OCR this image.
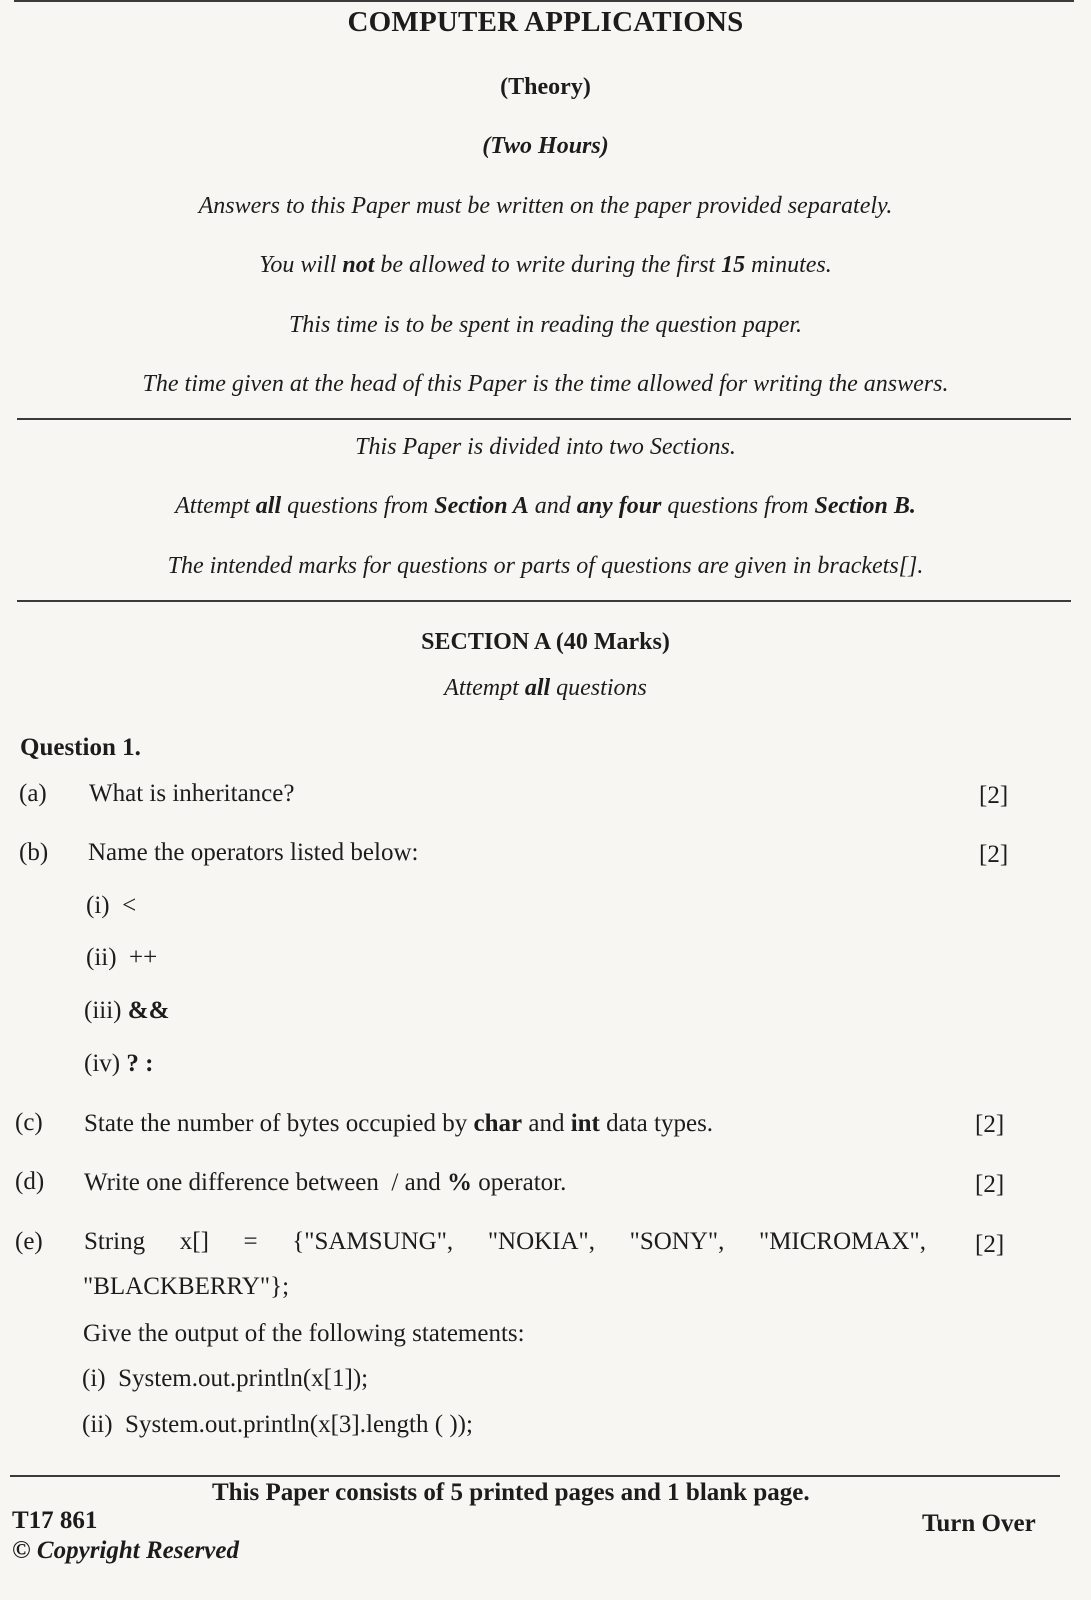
COMPUTER APPLICATIONS
(Theory)
(Two Hours)
Answers to this Paper must be written on the paper provided separately.
You will not be allowed to write during the first 15 minutes.
This time is to be spent in reading the question paper.
The time given at the head of this Paper is the time allowed for writing the answers.
This Paper is divided into two Sections.
Attempt all questions from Section A and any four questions from Section B.
The intended marks for questions or parts of questions are given in brackets[].
SECTION A (40 Marks)
Attempt all questions
Question 1.
(a) What is inheritance?	[2]
(b) Name the operators listed below:	[2]
(i) <
(ii) ++
(iii) &&
(iv) ? :
(c) State the number of bytes occupied by char and int data types.	[2]
(d) Write one difference between  / and % operator.	[2]
(e) String x[] = {"SAMSUNG", "NOKIA", "SONY", "MICROMAX", [2]
"BLACKBERRY"};
Give the output of the following statements:
(i) System.out.println(x[1]);
(ii) System.out.println(x[3].length ( ));
This Paper consists of 5 printed pages and 1 blank page.
T17 861	Turn Over
© Copyright Reserved
